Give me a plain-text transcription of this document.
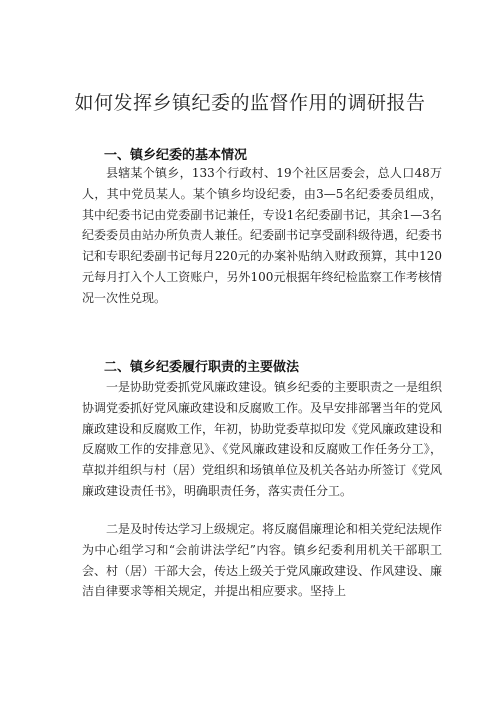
如何发挥乡镇纪委的监督作用的调研报告
一、镇乡纪委的基本情况

县辖某个镇乡，133个行政村、19个社区居委会，总人口48万人，其中党员某人。某个镇乡均设纪委，由3—5名纪委委员组成，其中纪委书记由党委副书记兼任，专设1名纪委副书记，其余1—3名纪委委员由站办所负责人兼任。纪委副书记享受副科级待遇，纪委书记和专职纪委副书记每月220元的办案补贴纳入财政预算，其中120元每月打入个人工资账户，另外100元根据年终纪检监察工作考核情况一次性兑现。

二、镇乡纪委履行职责的主要做法

一是协助党委抓党风廉政建设。镇乡纪委的主要职责之一是组织协调党委抓好党风廉政建设和反腐败工作。及早安排部署当年的党风廉政建设和反腐败工作，年初，协助党委草拟印发《党风廉政建设和反腐败工作的安排意见》、《党风廉政建设和反腐败工作任务分工》，草拟并组织与村（居）党组织和场镇单位及机关各站办所签订《党风廉政建设责任书》，明确职责任务，落实责任分工。

二是及时传达学习上级规定。将反腐倡廉理论和相关党纪法规作为中心组学习和“会前讲法学纪”内容。镇乡纪委利用机关干部职工会、村（居）干部大会，传达上级关于党风廉政建设、作风建设、廉洁自律要求等相关规定，并提出相应要求。坚持上
